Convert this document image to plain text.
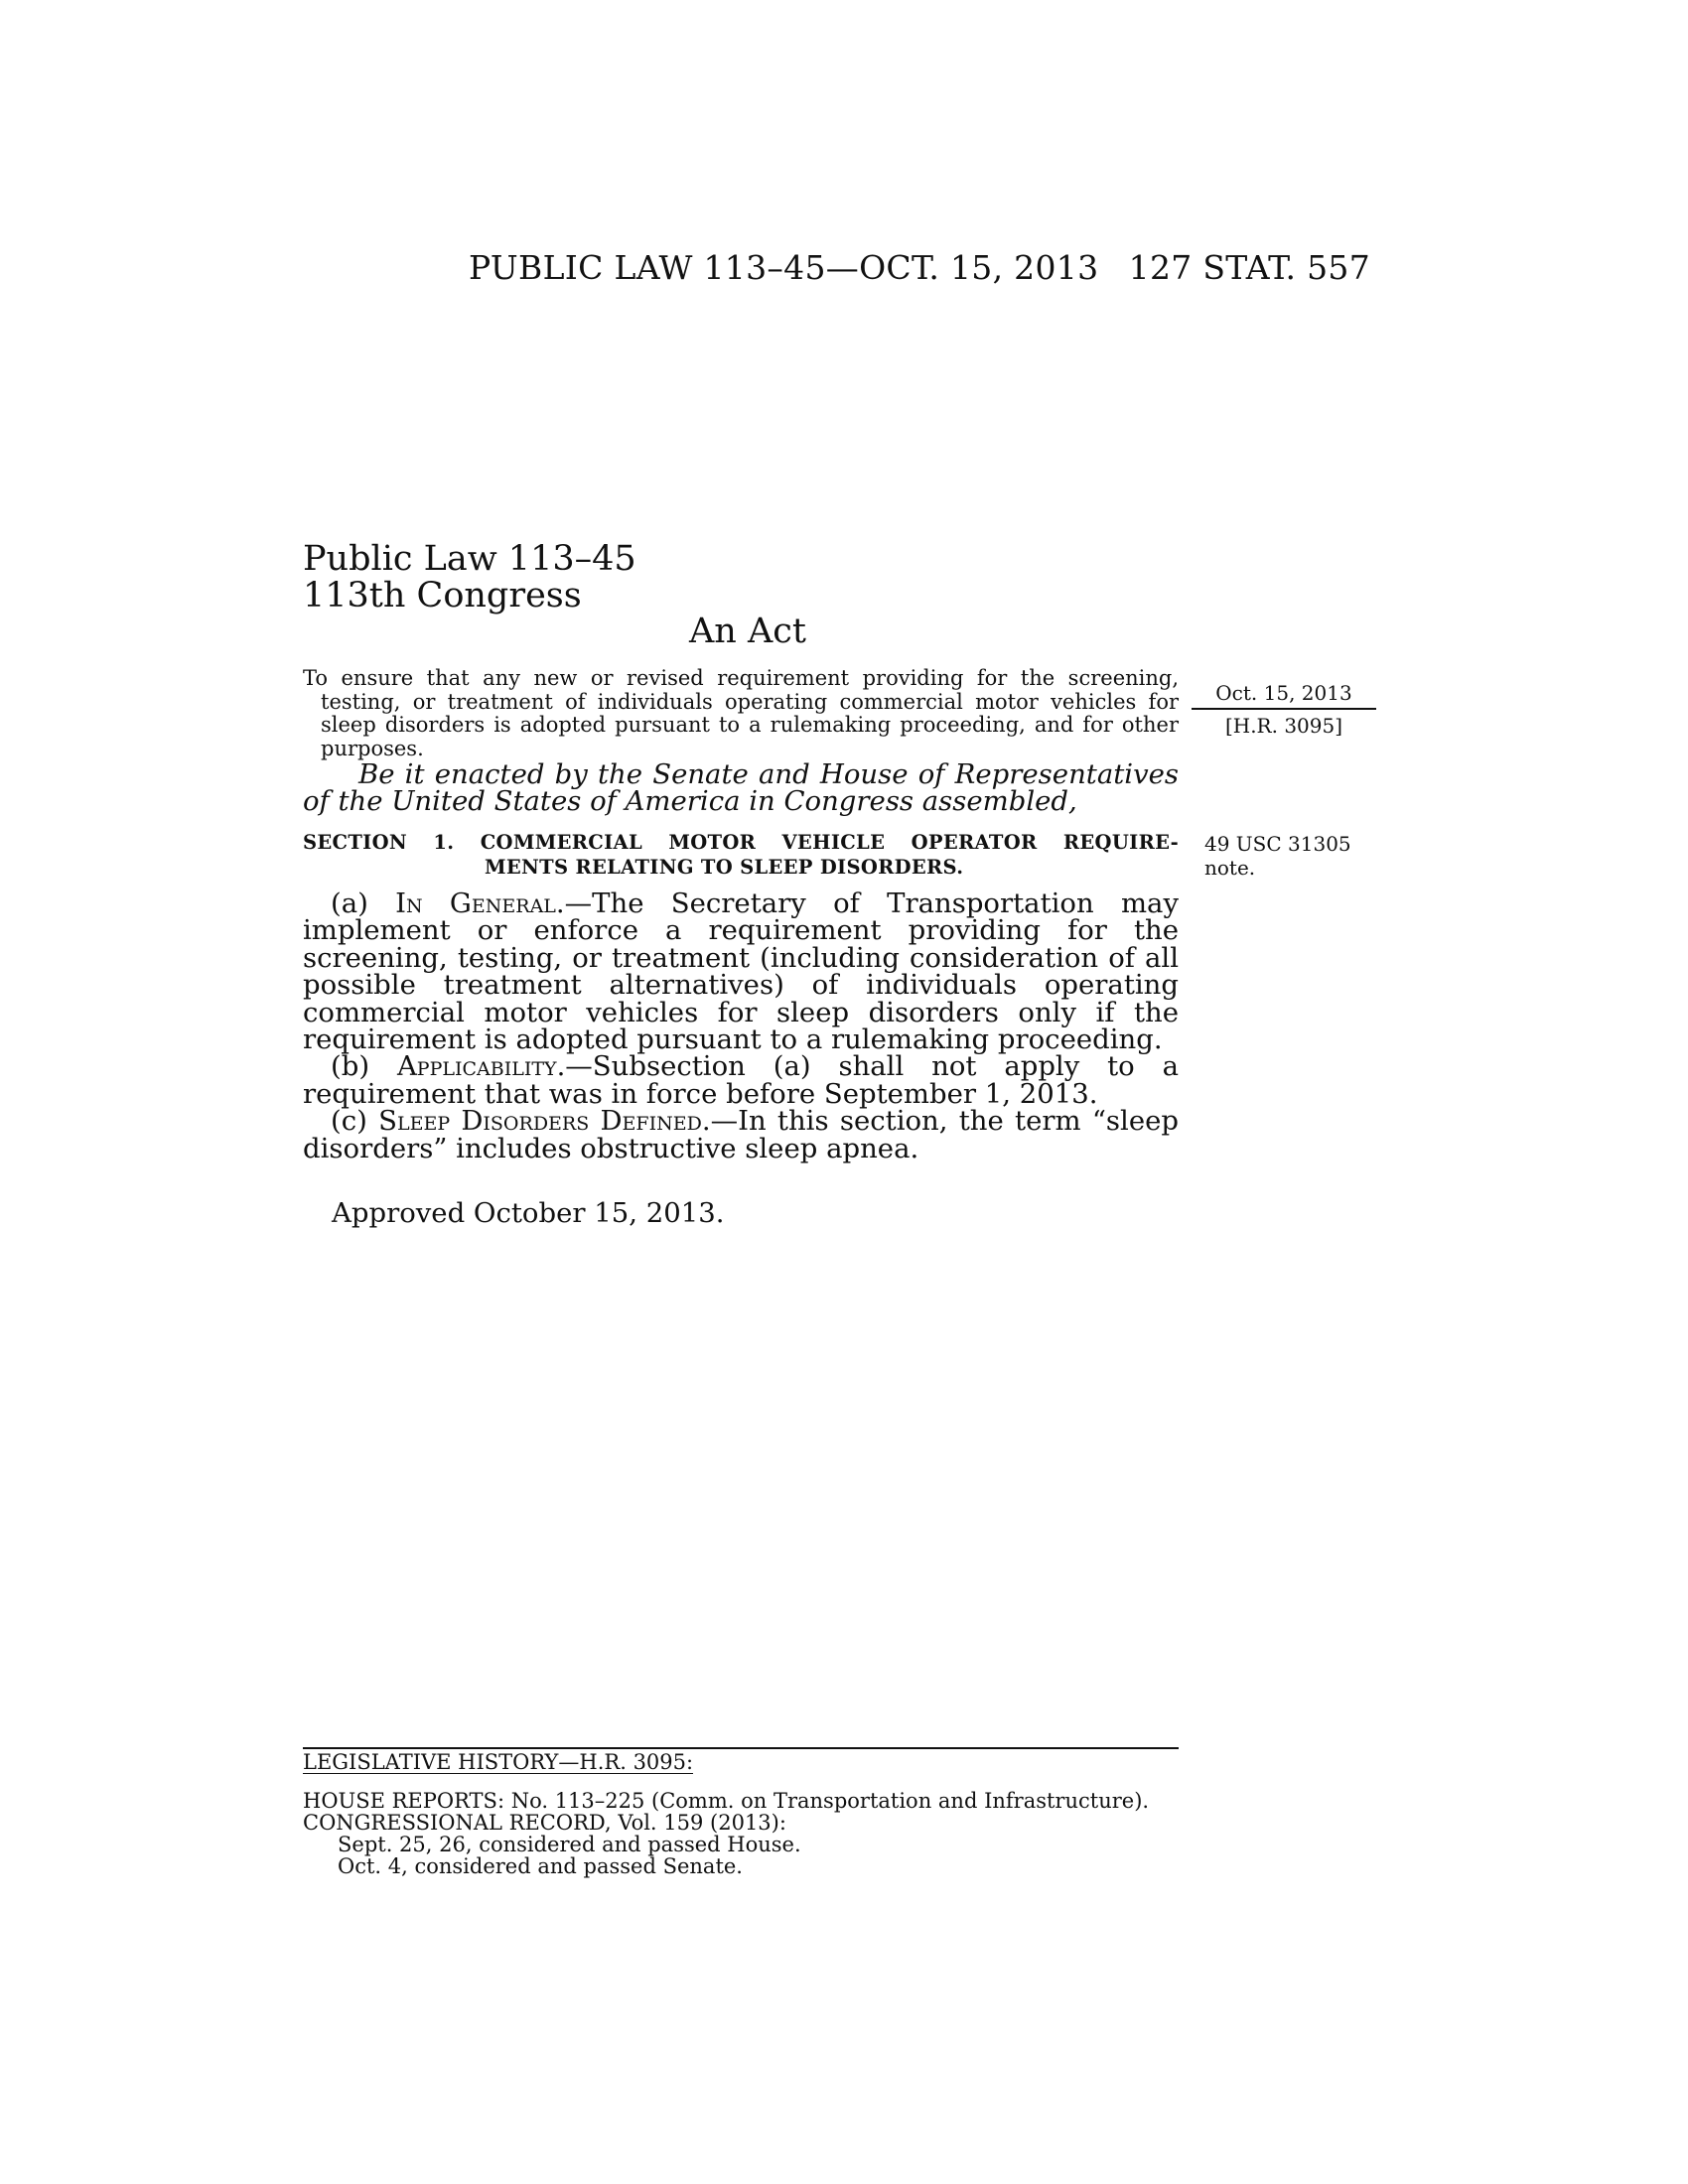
PUBLIC LAW 113–45—OCT. 15, 2013 127 STAT. 557
Public Law 113–45
113th Congress
An Act
To ensure that any new or revised requirement providing for the screening, testing, or treatment of individuals operating commercial motor vehicles for sleep disorders is adopted pursuant to a rulemaking proceeding, and for other purposes.
Oct. 15, 2013
[H.R. 3095]
49 USC 31305
note.
Be it enacted by the Senate and House of Representatives of the United States of America in Congress assembled,
SECTION 1. COMMERCIAL MOTOR VEHICLE OPERATOR REQUIRE-
MENTS RELATING TO SLEEP DISORDERS.

(a) In General.—The Secretary of Transportation may implement or enforce a requirement providing for the screening, testing, or treatment (including consideration of all possible treatment alternatives) of individuals operating commercial motor vehicles for sleep disorders only if the requirement is adopted pursuant to a rulemaking proceeding.

(b) Applicability.—Subsection (a) shall not apply to a requirement that was in force before September 1, 2013.

(c) Sleep Disorders Defined.—In this section, the term “sleep disorders” includes obstructive sleep apnea.

Approved October 15, 2013.
LEGISLATIVE HISTORY—H.R. 3095:
HOUSE REPORTS: No. 113–225 (Comm. on Transportation and Infrastructure).
CONGRESSIONAL RECORD, Vol. 159 (2013):
Sept. 25, 26, considered and passed House.
Oct. 4, considered and passed Senate.
